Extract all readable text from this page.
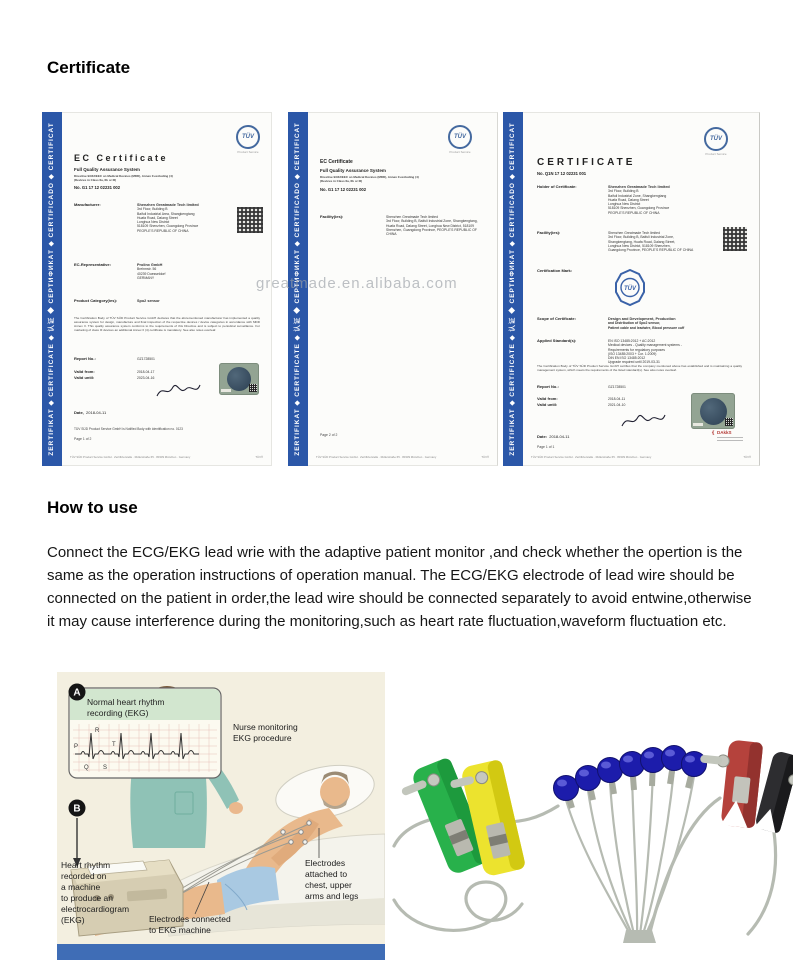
Certificate
greatmade.en.alibaba.com
ZERTIFIKAT ◆ CERTIFICATE ◆ 认证 ◆ СЕРТИФИКАТ ◆ CERTIFICADO ◆ CERTIFICAT	TÜV
Product Service
EC Certificate
Full Quality Assurance System
Directive 93/42/EEC on Medical Devices (MDD), Annex II excluding (4)
(Devices in Class IIa, IIb or III)
No. G1 17 12 02231 002
Manufacturer:	Shenzhen Greatmade Tech limited
3rd Floor, Building B
Baifuli Industrial Area, Shangkengtang
Huafa Road, Dalang Street
Longhua New District
518109 Shenzhen, Guangdong Province
PEOPLE'S REPUBLIC OF CHINA
EC-Representative:	Prolinx GmbH
Brehmstr. 56
40239 Duesseldorf
GERMANY
Product Category(ies):	Spo2 sensor
The Certification Body of TÜV SÜD Product Service GmbH declares that the aforementioned manufacturer has implemented a quality assurance system for design, manufacture and final inspection of the respective devices / device categories in accordance with MDD Annex II. This quality assurance system conforms to the requirements of this Directive and is subject to periodical surveillance. For marketing of class III devices an additional Annex II (4) certificate is mandatory. See also notes overleaf.
Report No.:	GZ1728501
Valid from:	2018-04-17
Valid until:	2023-04-16
Date, 2018-04-11
TÜV SÜD Product Service GmbH is Notified Body with identification no. 0123
Page 1 of 2
TÜV SÜD Product Service GmbH · Zertifizierstelle · Ridlerstraße 65 · 80339 München · Germany	TÜV®
ZERTIFIKAT ◆ CERTIFICATE ◆ 认证 ◆ СЕРТИФИКАТ ◆ CERTIFICADO ◆ CERTIFICAT	TÜV
Product Service
EC Certificate
Full Quality Assurance System
Directive 93/42/EEC on Medical Devices (MDD), Annex II excluding (4)
(Devices in Class IIa, IIb or III)
No. G1 17 12 02231 002
Facility(ies):	Shenzhen Greatmade Tech limited
3rd Floor, Building B, Baifuli Industrial Zone, Shangkengtang,
Huafa Road, Dalang Street, Longhua New District, 518109
Shenzhen, Guangdong Province, PEOPLE'S REPUBLIC OF
CHINA
Page 2 of 2
TÜV SÜD Product Service GmbH · Zertifizierstelle · Ridlerstraße 65 · 80339 München · Germany	TÜV®
ZERTIFIKAT ◆ CERTIFICATE ◆ 认证 ◆ СЕРТИФИКАТ ◆ CERTIFICADO ◆ CERTIFICAT	TÜV
Product Service
CERTIFICATE
No. Q1N 17 12 02231 001
Holder of Certificate:	Shenzhen Greatmade Tech limited
3rd Floor, Building B
Baifuli Industrial Zone, Shangkengtang
Huafa Road, Dalang Street
Longhua New District
518109 Shenzhen, Guangdong Province
PEOPLE'S REPUBLIC OF CHINA
Facility(ies):	Shenzhen Greatmade Tech limited
3rd Floor, Building B, Baifuli Industrial Zone,
Shangkengtang, Huafa Road, Dalang Street,
Longhua New District, 518109 Shenzhen,
Guangdong Province, PEOPLE'S REPUBLIC OF CHINA
Certification Mark:
TÜV
Scope of Certificate:	Design and Development, Production
and Distribution of Spo2 sensor,
Patient cable and leadwire, Blood pressure cuff
Applied Standard(s):	EN ISO 13485:2012 + AC:2012
Medical devices - Quality management systems -
Requirements for regulatory purposes
(ISO 13485:2003 + Cor. 1:2009)
DIN EN ISO 13485:2012
Upgrade required until 2019-03-31
The Certification Body of TÜV SÜD Product Service GmbH certifies that the company mentioned above has established and is maintaining a quality management system, which meets the requirements of the listed standard(s). See also notes overleaf.
Report No.:	GZ1728501
Valid from:	2018-04-11
Valid until:	2021-04-10
Date: 2018-04-11
Page 1 of 1
❴ DAkkS
TÜV SÜD Product Service GmbH · Zertifizierstelle · Ridlerstraße 65 · 80339 München · Germany	TÜV®
How to use
Connect the ECG/EKG lead wrie with the adaptive patient monitor ,and check whether the opertion is the same as the operation instructions of operation manual. The ECG/EKG electrode of lead wire should be connected on the patient in order,the lead wire should be connected separately to avoid entwine,otherwise it may cause interference during the monitoring,such as heart rate fluctuation,waveform fluctuation etc.
Normal heart rhythm
recording (EKG)
R
P
Q S
T
A
B
Nurse monitoring
EKG procedure
Heart rhythm
recorded on
a machine
to produce an
electrocardiogram
(EKG)	Electrodes connected
to EKG machine
Electrodes
attached to
chest, upper
arms and legs
